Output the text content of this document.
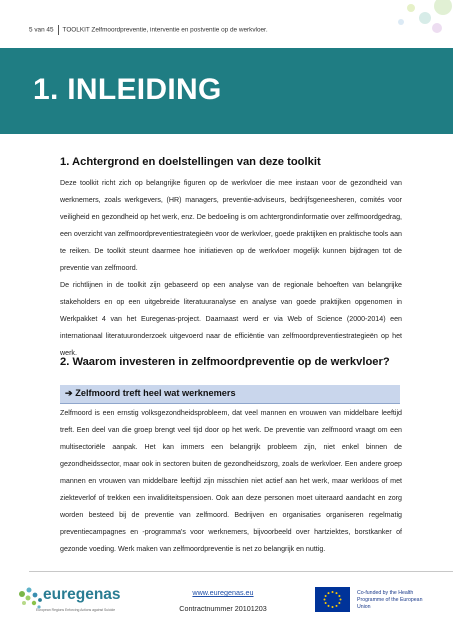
5 van 45 TOOLKIT Zelfmoordpreventie, interventie en postventie op de werkvloer.
1. INLEIDING
1. Achtergrond en doelstellingen van deze toolkit

Deze toolkit richt zich op belangrijke figuren op de werkvloer die mee instaan voor de gezondheid van werknemers, zoals werkgevers, (HR) managers, preventie-adviseurs, bedrijfsgeneesheren, comités voor veiligheid en gezondheid op het werk, enz. De bedoeling is om achtergrondinformatie over zelfmoordgedrag, een overzicht van zelfmoordpreventiestrategieën voor de werkvloer, goede praktijken en praktische tools aan te reiken. De toolkit steunt daarmee hoe initiatieven op de werkvloer mogelijk kunnen bijdragen tot de preventie van zelfmoord.

De richtlijnen in de toolkit zijn gebaseerd op een analyse van de regionale behoeften van belangrijke stakeholders en op een uitgebreide literatuuranalyse en analyse van goede praktijken opgenomen in Werkpakket 4 van het Euregenas-project. Daarnaast werd er via Web of Science (2000-2014) een internationaal literatuuronderzoek uitgevoerd naar de efficiëntie van zelfmoordpreventiestrategieën op het werk.

2. Waarom investeren in zelfmoordpreventie op de werkvloer?
➔ Zelfmoord treft heel wat werknemers

Zelfmoord is een ernstig volksgezondheidsprobleem, dat veel mannen en vrouwen van middelbare leeftijd treft. Een deel van die groep brengt veel tijd door op het werk. De preventie van zelfmoord vraagt om een multisectoriële aanpak. Het kan immers een belangrijk probleem zijn, niet enkel binnen de gezondheidssector, maar ook in sectoren buiten de gezondheidszorg, zoals de werkvloer. Een andere groep mannen en vrouwen van middelbare leeftijd zijn misschien niet actief aan het werk, maar werkloos of met ziekteverlof of trekken een invaliditeitspensioen. Ook aan deze personen moet uiteraard aandacht en zorg worden besteed bij de preventie van zelfmoord. Bedrijven en organisaties organiseren regelmatig preventiecampagnes en -programma's voor werknemers, bijvoorbeeld over hartziektes, borstkanker of gezonde voeding. Werk maken van zelfmoordpreventie is net zo belangrijk en nuttig.

euregenas
European Regions Enforcing Actions against Suicide
www.euregenas.eu
Contractnummer 20101203
Co-funded by the Health Programme of the European Union
